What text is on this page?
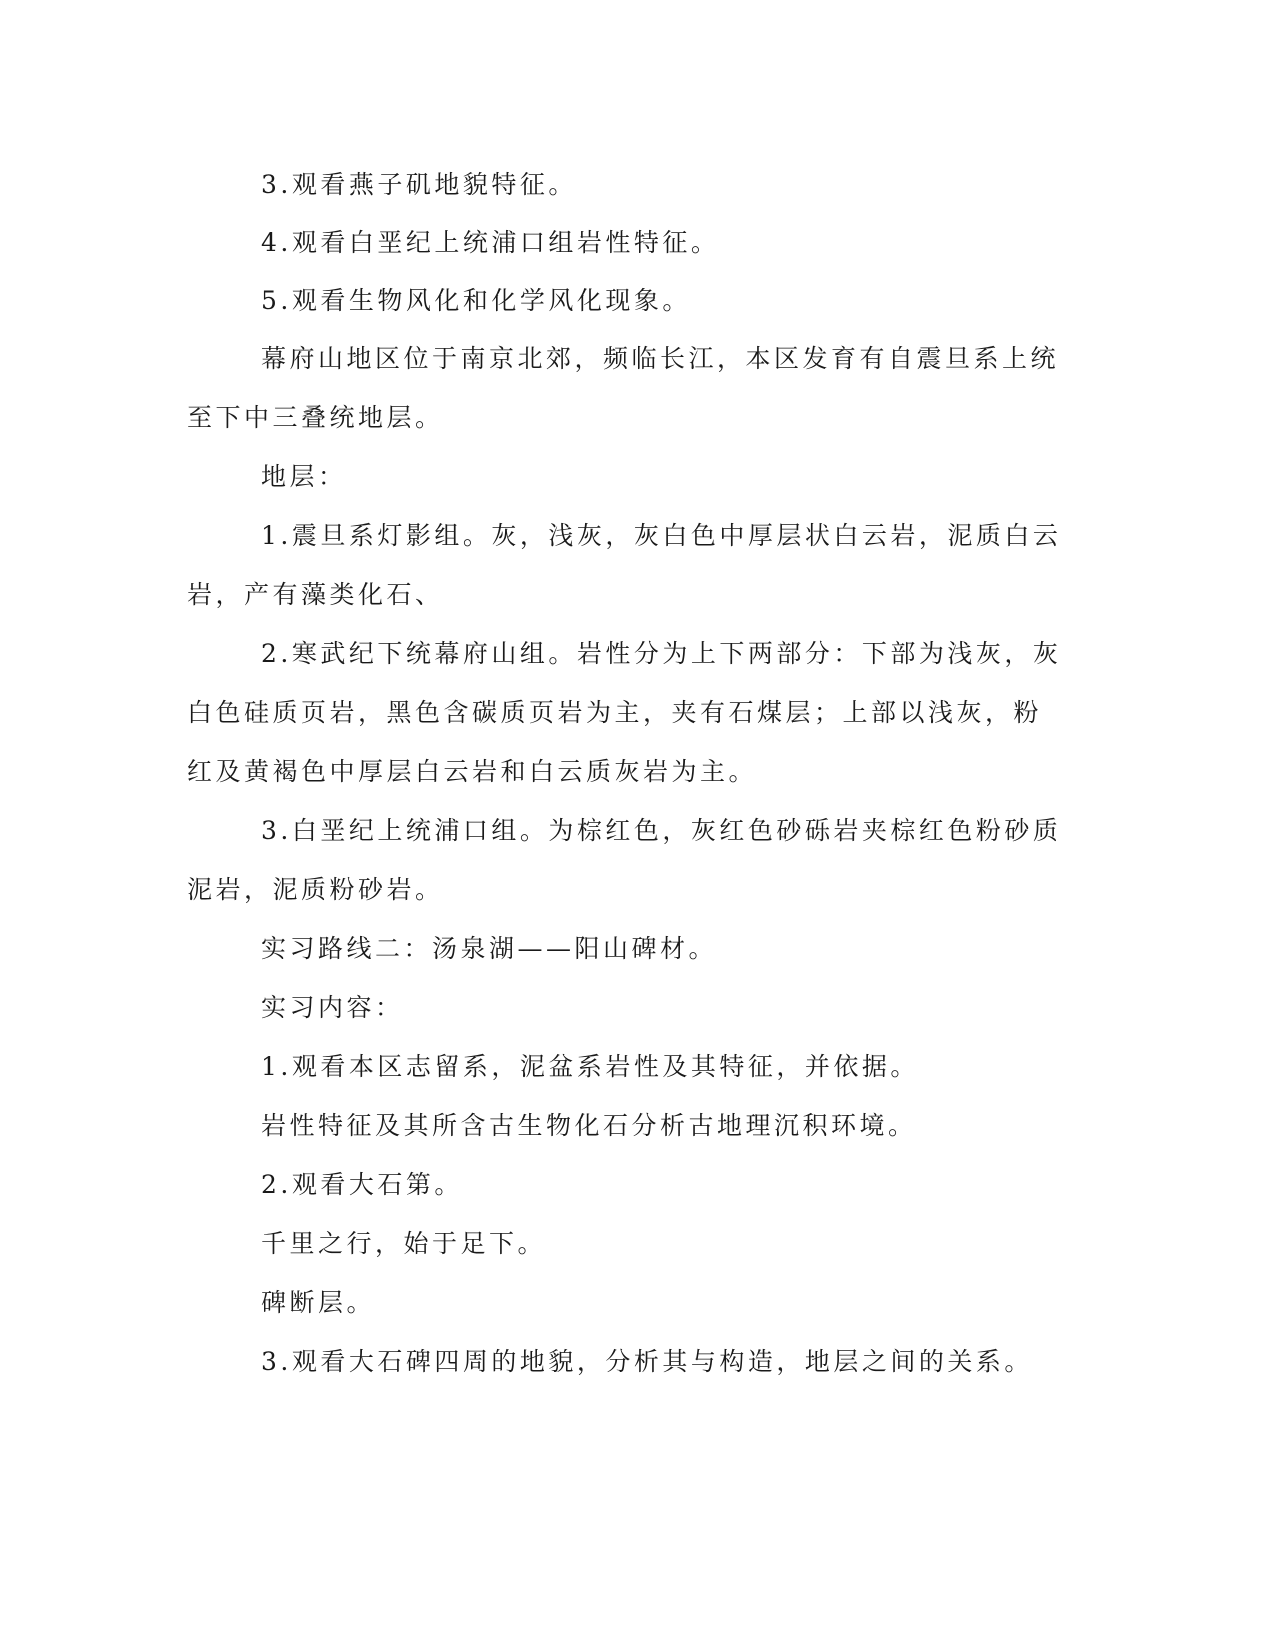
3.观看燕子矶地貌特征。
4.观看白垩纪上统浦口组岩性特征。
5.观看生物风化和化学风化现象。
幕府山地区位于南京北郊，频临长江，本区发育有自震旦系上统
至下中三叠统地层。
地层：
1.震旦系灯影组。灰，浅灰，灰白色中厚层状白云岩，泥质白云
岩，产有藻类化石、
2.寒武纪下统幕府山组。岩性分为上下两部分：下部为浅灰，灰
白色硅质页岩，黑色含碳质页岩为主，夹有石煤层；上部以浅灰，粉
红及黄褐色中厚层白云岩和白云质灰岩为主。
3.白垩纪上统浦口组。为棕红色，灰红色砂砾岩夹棕红色粉砂质
泥岩，泥质粉砂岩。
实习路线二：汤泉湖——阳山碑材。
实习内容：
1.观看本区志留系，泥盆系岩性及其特征，并依据。
岩性特征及其所含古生物化石分析古地理沉积环境。
2.观看大石第。
千里之行，始于足下。
碑断层。
3.观看大石碑四周的地貌，分析其与构造，地层之间的关系。
